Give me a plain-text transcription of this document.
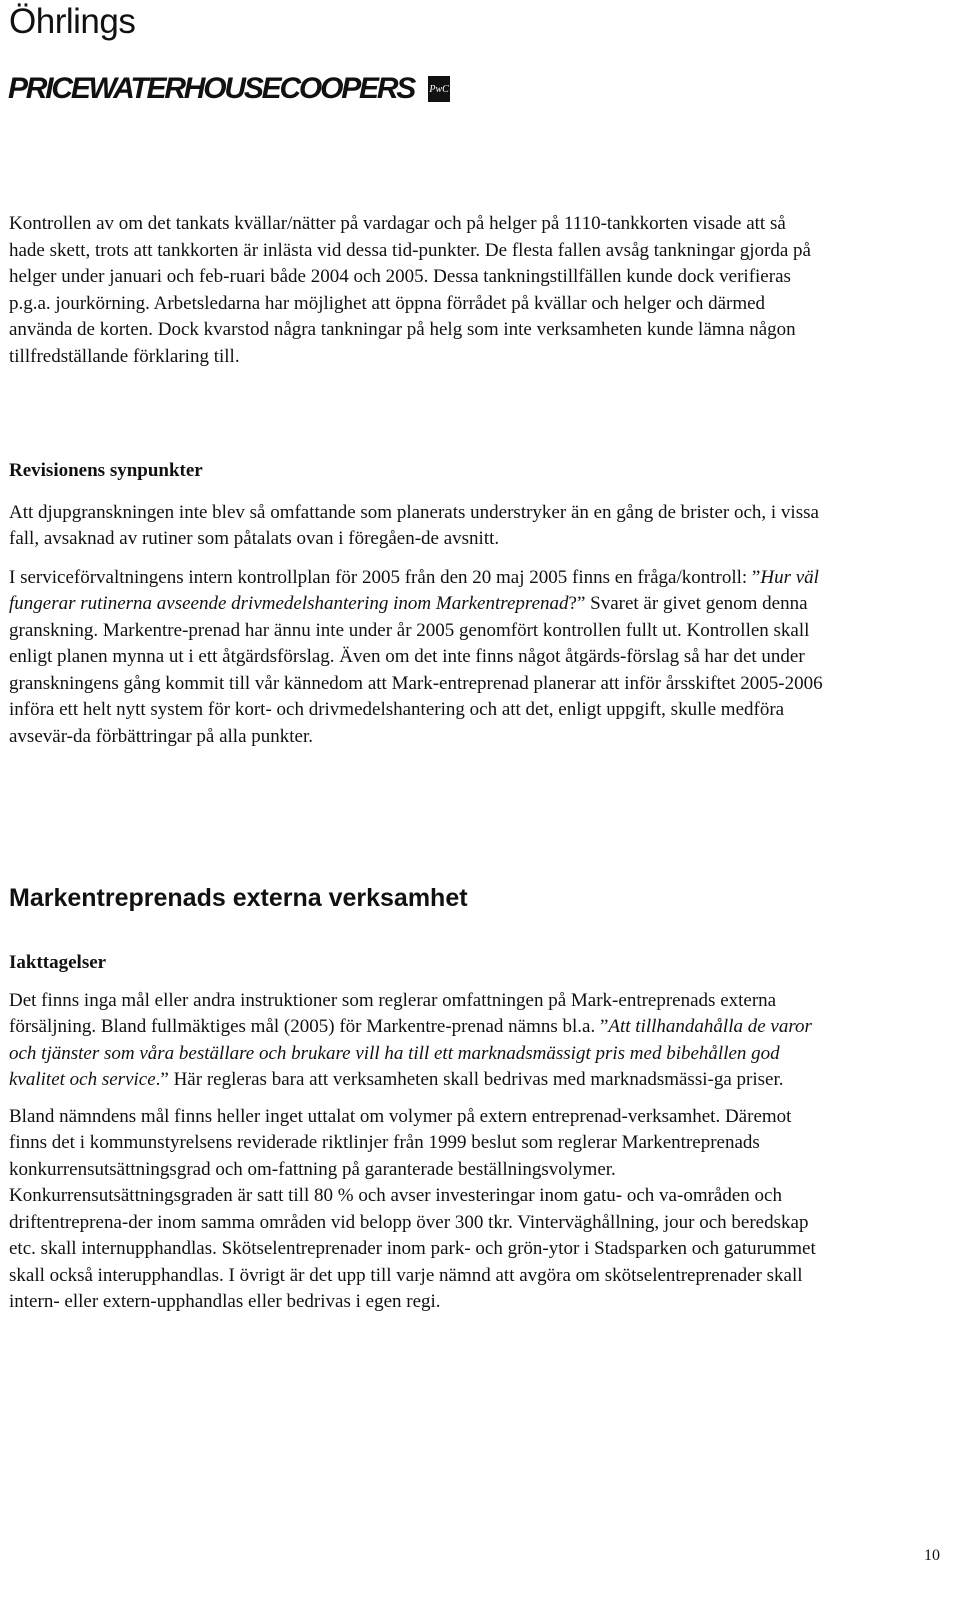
Öhrlings
PRICEWATERHOUSECOOPERS PwC

Kontrollen av om det tankats kvällar/nätter på vardagar och på helger på 1110-tankkorten visade att så hade skett, trots att tankkorten är inlästa vid dessa tid-punkter. De flesta fallen avsåg tankningar gjorda på helger under januari och feb-ruari både 2004 och 2005. Dessa tankningstillfällen kunde dock verifieras p.g.a. jourkörning. Arbetsledarna har möjlighet att öppna förrådet på kvällar och helger och därmed använda de korten. Dock kvarstod några tankningar på helg som inte verksamheten kunde lämna någon tillfredställande förklaring till.

Revisionens synpunkter

Att djupgranskningen inte blev så omfattande som planerats understryker än en gång de brister och, i vissa fall, avsaknad av rutiner som påtalats ovan i föregåen-de avsnitt.

I serviceförvaltningens intern kontrollplan för 2005 från den 20 maj 2005 finns en fråga/kontroll: ”Hur väl fungerar rutinerna avseende drivmedelshantering inom Markentreprenad?” Svaret är givet genom denna granskning. Markentre-prenad har ännu inte under år 2005 genomfört kontrollen fullt ut. Kontrollen skall enligt planen mynna ut i ett åtgärdsförslag. Även om det inte finns något åtgärds-förslag så har det under granskningens gång kommit till vår kännedom att Mark-entreprenad planerar att inför årsskiftet 2005-2006 införa ett helt nytt system för kort- och drivmedelshantering och att det, enligt uppgift, skulle medföra avsevär-da förbättringar på alla punkter.

Markentreprenads externa verksamhet

Iakttagelser

Det finns inga mål eller andra instruktioner som reglerar omfattningen på Mark-entreprenads externa försäljning. Bland fullmäktiges mål (2005) för Markentre-prenad nämns bl.a. ”Att tillhandahålla de varor och tjänster som våra beställare och brukare vill ha till ett marknadsmässigt pris med bibehållen god kvalitet och service.” Här regleras bara att verksamheten skall bedrivas med marknadsmässi-ga priser.

Bland nämndens mål finns heller inget uttalat om volymer på extern entreprenad-verksamhet. Däremot finns det i kommunstyrelsens reviderade riktlinjer från 1999 beslut som reglerar Markentreprenads konkurrensutsättningsgrad och om-fattning på garanterade beställningsvolymer. Konkurrensutsättningsgraden är satt till 80 % och avser investeringar inom gatu- och va-områden och driftentreprena-der inom samma områden vid belopp över 300 tkr. Vinterväghållning, jour och beredskap etc. skall internupphandlas. Skötselentreprenader inom park- och grön-ytor i Stadsparken och gaturummet skall också interupphandlas. I övrigt är det upp till varje nämnd att avgöra om skötselentreprenader skall intern- eller extern-upphandlas eller bedrivas i egen regi.

10
